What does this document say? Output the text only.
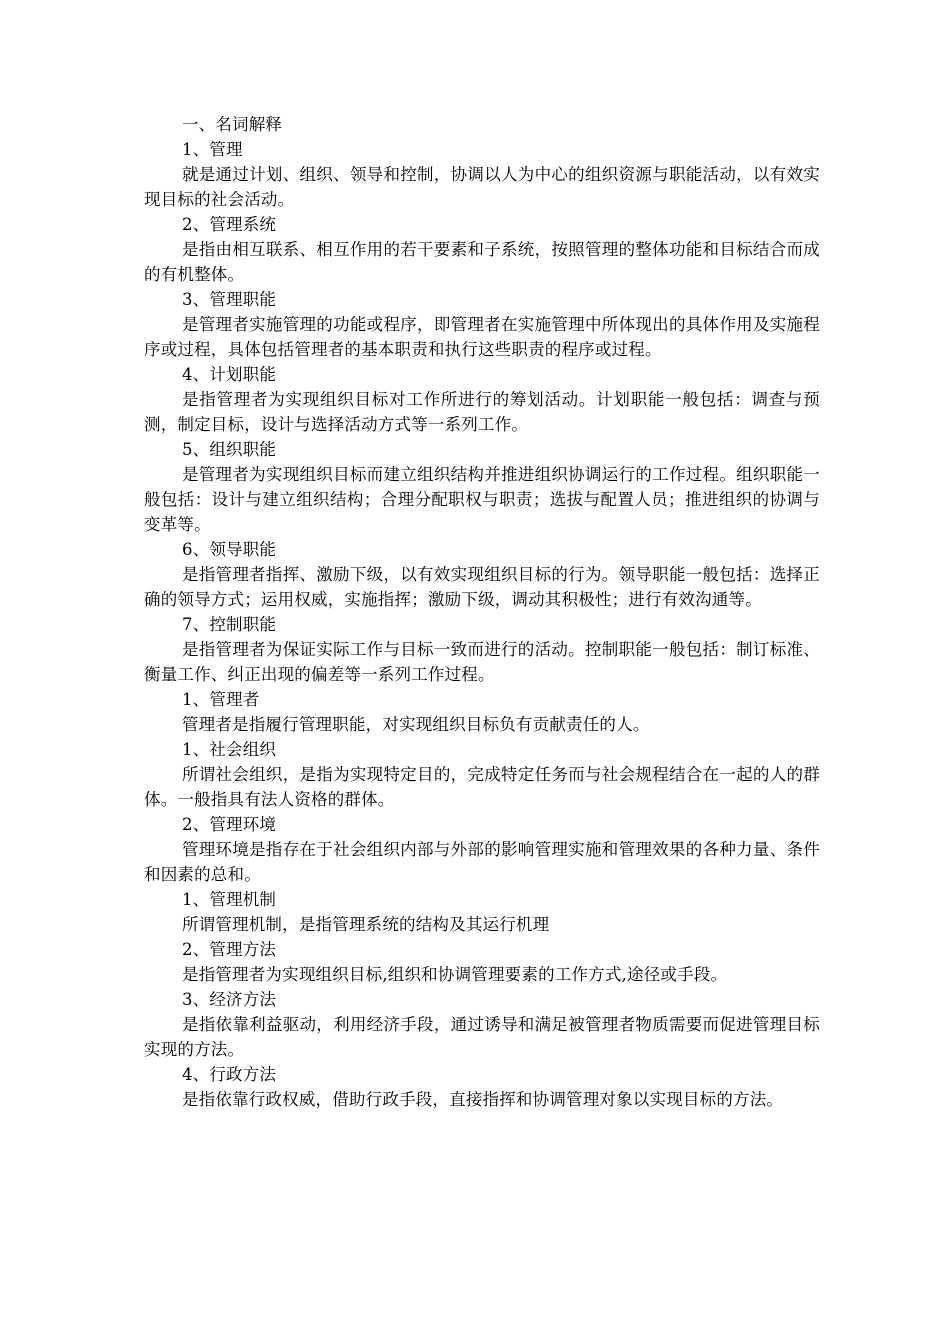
一、名词解释

1、管理

就是通过计划、组织、领导和控制，协调以人为中心的组织资源与职能活动，以有效实现目标的社会活动。

2、管理系统

是指由相互联系、相互作用的若干要素和子系统，按照管理的整体功能和目标结合而成的有机整体。

3、管理职能

是管理者实施管理的功能或程序，即管理者在实施管理中所体现出的具体作用及实施程序或过程，具体包括管理者的基本职责和执行这些职责的程序或过程。

4、计划职能

是指管理者为实现组织目标对工作所进行的筹划活动。计划职能一般包括：调查与预测，制定目标，设计与选择活动方式等一系列工作。

5、组织职能

是管理者为实现组织目标而建立组织结构并推进组织协调运行的工作过程。组织职能一般包括：设计与建立组织结构；合理分配职权与职责；选拔与配置人员；推进组织的协调与变革等。

6、领导职能

是指管理者指挥、激励下级，以有效实现组织目标的行为。领导职能一般包括：选择正确的领导方式；运用权威，实施指挥；激励下级，调动其积极性；进行有效沟通等。

7、控制职能

是指管理者为保证实际工作与目标一致而进行的活动。控制职能一般包括：制订标准、衡量工作、纠正出现的偏差等一系列工作过程。

1、管理者

管理者是指履行管理职能，对实现组织目标负有贡献责任的人。

1、社会组织

所谓社会组织，是指为实现特定目的，完成特定任务而与社会规程结合在一起的人的群体。一般指具有法人资格的群体。

2、管理环境

管理环境是指存在于社会组织内部与外部的影响管理实施和管理效果的各种力量、条件和因素的总和。

1、管理机制

所谓管理机制，是指管理系统的结构及其运行机理

2、管理方法

是指管理者为实现组织目标,组织和协调管理要素的工作方式,途径或手段。

3、经济方法

是指依靠利益驱动，利用经济手段，通过诱导和满足被管理者物质需要而促进管理目标实现的方法。

4、行政方法

是指依靠行政权威，借助行政手段，直接指挥和协调管理对象以实现目标的方法。
